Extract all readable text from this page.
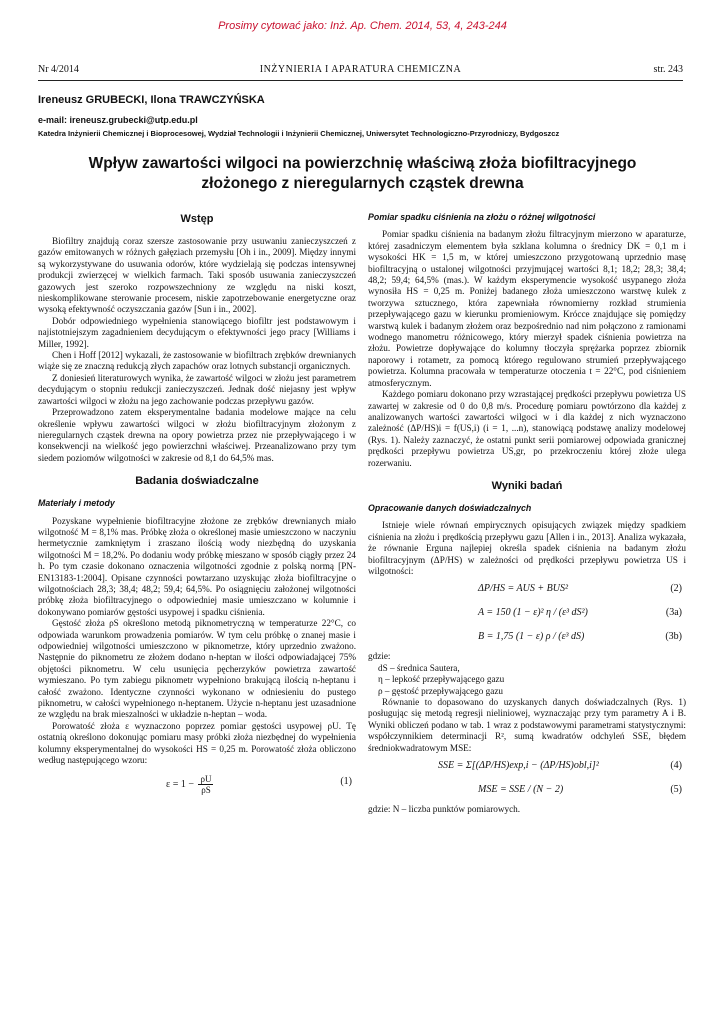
Prosimy cytować jako: Inż. Ap. Chem. 2014, 53, 4, 243-244
Nr 4/2014	INŻYNIERIA I APARATURA CHEMICZNA	str. 243
Ireneusz GRUBECKI, Ilona TRAWCZYŃSKA
e-mail: ireneusz.grubecki@utp.edu.pl
Katedra Inżynierii Chemicznej i Bioprocesowej, Wydział Technologii i Inżynierii Chemicznej, Uniwersytet Technologiczno-Przyrodniczy, Bydgoszcz
Wpływ zawartości wilgoci na powierzchnię właściwą złoża biofiltracyjnego
złożonego z nieregularnych cząstek drewna
Wstęp

Biofiltry znajdują coraz szersze zastosowanie przy usuwaniu zanieczyszczeń z gazów emitowanych w różnych gałęziach przemysłu [Oh i in., 2009]. Między innymi są wykorzystywane do usuwania odorów, które wydzielają się podczas intensywnej produkcji zwierzęcej w wielkich farmach. Taki sposób usuwania zanieczyszczeń gazowych jest szeroko rozpowszechniony ze względu na niski koszt, nieskomplikowane sterowanie procesem, niskie zapotrzebowanie energetyczne oraz wysoką efektywność oczyszczania gazów [Sun i in., 2002].

Dobór odpowiedniego wypełnienia stanowiącego biofiltr jest podstawowym i najistotniejszym zagadnieniem decydującym o efektywności jego pracy [Williams i Miller, 1992].

Chen i Hoff [2012] wykazali, że zastosowanie w biofiltrach zrębków drewnianych wiąże się ze znaczną redukcją złych zapachów oraz lotnych substancji organicznych.

Z doniesień literaturowych wynika, że zawartość wilgoci w złożu jest parametrem decydującym o stopniu redukcji zanieczyszczeń. Jednak dość niejasny jest wpływ zawartości wilgoci w złożu na jego zachowanie podczas przepływu gazów.

Przeprowadzono zatem eksperymentalne badania modelowe mające na celu określenie wpływu zawartości wilgoci w złożu biofiltracyjnym złożonym z nieregularnych cząstek drewna na opory powietrza przez nie przepływającego i w konsekwencji na wielkość jego powierzchni właściwej. Przeanalizowano przy tym siedem poziomów wilgotności w zakresie od 8,1 do 64,5% mas.

Badania doświadczalne
Materiały i metody

Pozyskane wypełnienie biofiltracyjne złożone ze zrębków drewnianych miało wilgotność M = 8,1% mas. Próbkę złoża o określonej masie umieszczono w naczyniu hermetycznie zamkniętym i zraszano ilością wody niezbędną do uzyskania wilgotności M = 18,2%. Po dodaniu wody próbkę mieszano w sposób ciągły przez 24 h. Po tym czasie dokonano oznaczenia wilgotności zgodnie z polską normą [PN-EN13183-1:2004]. Opisane czynności powtarzano uzyskując złoża biofiltracyjne o wilgotnościach 28,3; 38,4; 48,2; 59,4; 64,5%. Po osiągnięciu założonej wilgotności próbkę złoża biofiltracyjnego o odpowiedniej masie umieszczano w kolumnie i dokonywano pomiarów gęstości usypowej i spadku ciśnienia.

Gęstość złoża ρS określono metodą piknometryczną w temperaturze 22°C, co odpowiada warunkom prowadzenia pomiarów. W tym celu próbkę o znanej masie i odpowiedniej wilgotności umieszczono w piknometrze, który uprzednio zważono. Następnie do piknometru ze złożem dodano n-heptan w ilości odpowiadającej 75% objętości piknometru. W celu usunięcia pęcherzyków powietrza zawartość wymieszano. Po tym zabiegu piknometr wypełniono brakującą ilością n-heptanu i całość zważono. Identyczne czynności wykonano w odniesieniu do pustego piknometru, w całości wypełnionego n-heptanem. Użycie n-heptanu jest uzasadnione ze względu na brak mieszalności w układzie n-heptan – woda.

Porowatość złoża ε wyznaczono poprzez pomiar gęstości usypowej ρU. Tę ostatnią określono dokonując pomiaru masy próbki złoża niezbędnej do wypełnienia kolumny eksperymentalnej do wysokości HS = 0,25 m. Porowatość złoża obliczono według następującego wzoru:

$\varepsilon = 1 - \frac{\rho U}{\rho S}$	(1)
Pomiar spadku ciśnienia na złożu o różnej wilgotności

Pomiar spadku ciśnienia na badanym złożu filtracyjnym mierzono w aparaturze, której zasadniczym elementem była szklana kolumna o średnicy DK = 0,1 m i wysokości HK = 1,5 m, w której umieszczono przygotowaną uprzednio masę biofiltracyjną o ustalonej wilgotności przyjmującej wartości 8,1; 18,2; 28,3; 38,4; 48,2; 59,4; 64,5% (mas.). W każdym eksperymencie wysokość usypanego złoża wynosiła HS = 0,25 m. Poniżej badanego złoża umieszczono warstwę kulek z tworzywa sztucznego, która zapewniała równomierny rozkład strumienia przepływającego gazu w kierunku promieniowym. Krócce znajdujące się pomiędzy warstwą kulek i badanym złożem oraz bezpośrednio nad nim połączono z ramionami wodnego manometru różnicowego, który mierzył spadek ciśnienia powietrza na złożu. Powietrze dopływające do kolumny tłoczyła sprężarka poprzez zbiornik naporowy i rotametr, za pomocą którego regulowano strumień przepływającego powietrza. Kolumna pracowała w temperaturze otoczenia t = 22°C, pod ciśnieniem atmosferycznym.

Każdego pomiaru dokonano przy wzrastającej prędkości przepływu powietrza US zawartej w zakresie od 0 do 0,8 m/s. Procedurę pomiaru powtórzono dla każdej z analizowanych wartości zawartości wilgoci w i dla każdej z nich wyznaczono zależność (ΔP/HS)i = f(US,i) (i = 1, ...n), stanowiącą podstawę analizy modelowej (Rys. 1). Należy zaznaczyć, że ostatni punkt serii pomiarowej odpowiada granicznej prędkości przepływu powietrza US,gr, po przekroczeniu której złoże ulega rozerwaniu.

Wyniki badań
Opracowanie danych doświadczalnych

Istnieje wiele równań empirycznych opisujących związek między spadkiem ciśnienia na złożu i prędkością przepływu gazu [Allen i in., 2013]. Analiza wykazała, że równanie Erguna najlepiej określa spadek ciśnienia na badanym złożu biofiltracyjnym (ΔP/HS) w zależności od prędkości przepływu powietrza US i wilgotności:

ΔP/HS = AUS + BUS²	(2)
A = 150 (1 − ε)² η / (ε³ dS²)	(3a)
B = 1,75 (1 − ε) ρ / (ε³ dS)	(3b)

gdzie:

dS – średnica Sautera,

η – lepkość przepływającego gazu

ρ – gęstość przepływającego gazu

Równanie to dopasowano do uzyskanych danych doświadczalnych (Rys. 1) posługując się metodą regresji nieliniowej, wyznaczając przy tym parametry A i B. Wyniki obliczeń podano w tab. 1 wraz z podstawowymi parametrami statystycznymi: współczynnikiem determinacji R², sumą kwadratów odchyleń SSE, błędem średniokwadratowym MSE:

SSE = Σ[(ΔP/HS)exp,i − (ΔP/HS)obl,i]²	(4)
MSE = SSE / (N − 2)	(5)

gdzie: N – liczba punktów pomiarowych.
